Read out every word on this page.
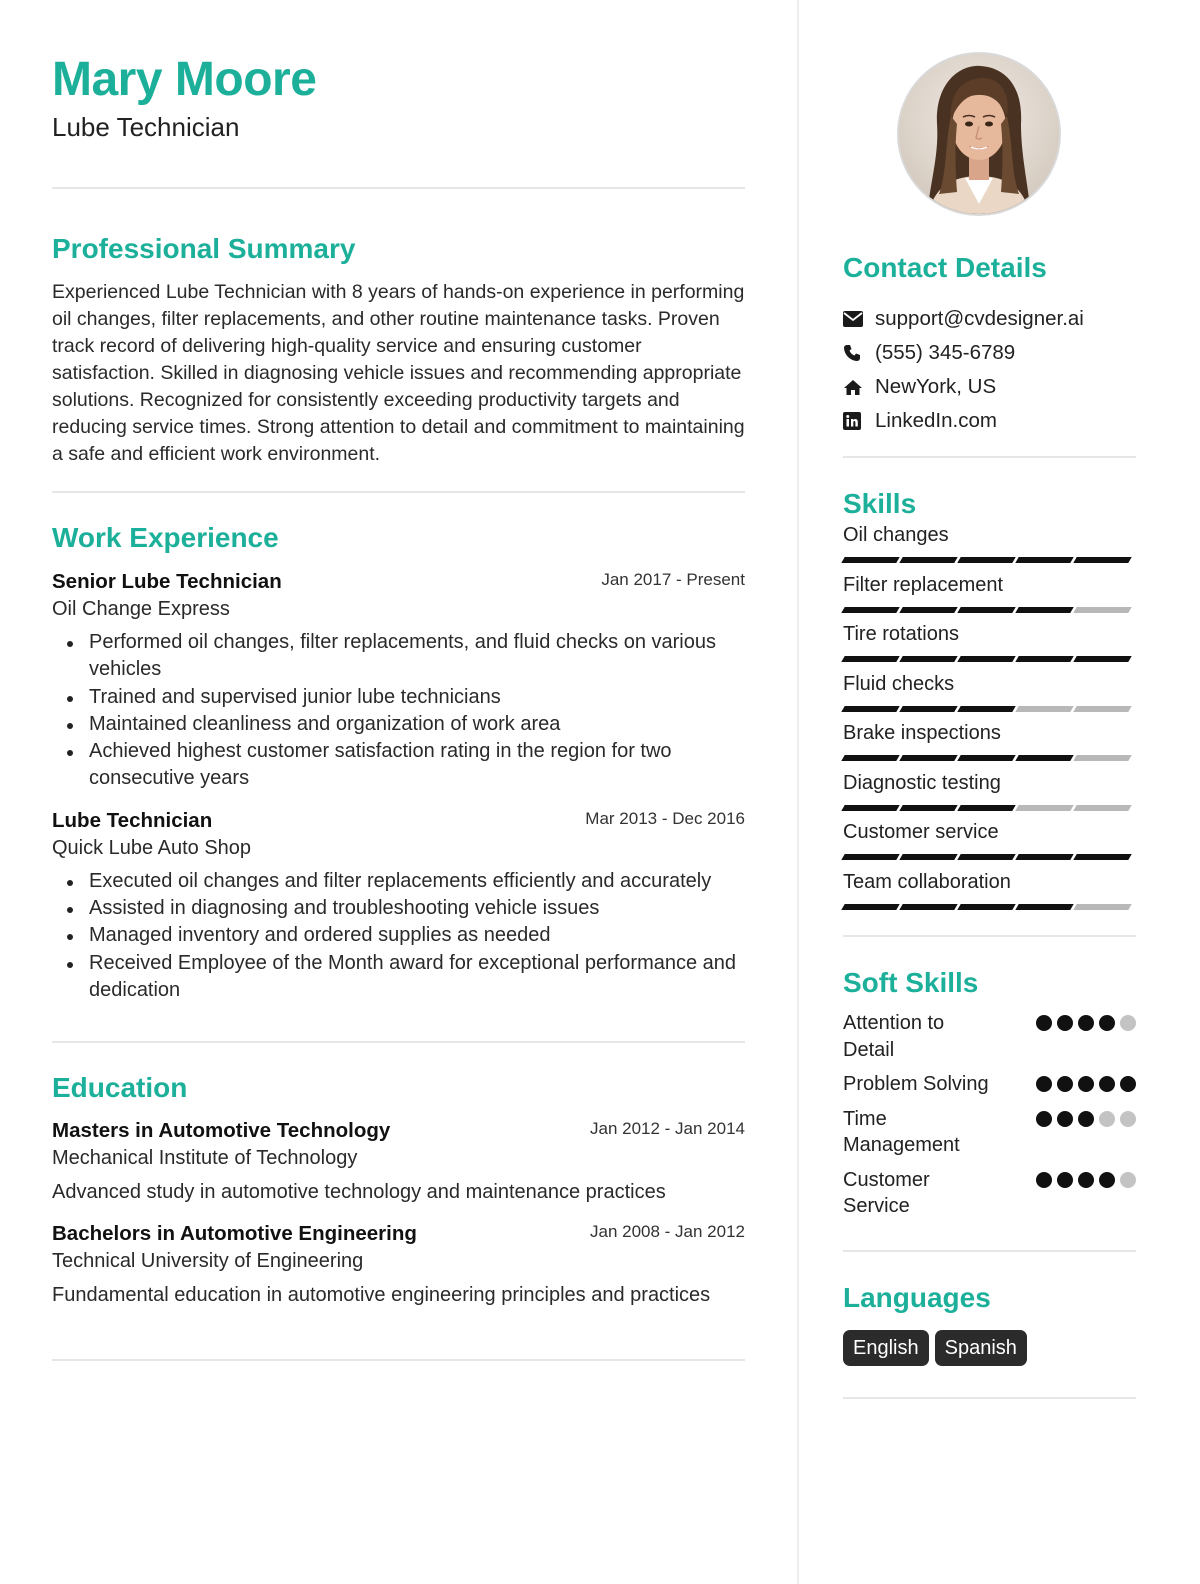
Mary Moore
Lube Technician
Professional Summary

Experienced Lube Technician with 8 years of hands-on experience in performing oil changes, filter replacements, and other routine maintenance tasks. Proven track record of delivering high-quality service and ensuring customer satisfaction. Skilled in diagnosing vehicle issues and recommending appropriate solutions. Recognized for consistently exceeding productivity targets and reducing service times. Strong attention to detail and commitment to maintaining a safe and efficient work environment.

Work Experience
Senior Lube Technician	Jan 2017 - Present
Oil Change Express
Performed oil changes, filter replacements, and fluid checks on various vehicles
Trained and supervised junior lube technicians
Maintained cleanliness and organization of work area
Achieved highest customer satisfaction rating in the region for two consecutive years
Lube Technician	Mar 2013 - Dec 2016
Quick Lube Auto Shop
Executed oil changes and filter replacements efficiently and accurately
Assisted in diagnosing and troubleshooting vehicle issues
Managed inventory and ordered supplies as needed
Received Employee of the Month award for exceptional performance and dedication
Education
Masters in Automotive Technology	Jan 2012 - Jan 2014
Mechanical Institute of Technology
Advanced study in automotive technology and maintenance practices
Bachelors in Automotive Engineering	Jan 2008 - Jan 2012
Technical University of Engineering
Fundamental education in automotive engineering principles and practices
Contact Details
support@cvdesigner.ai
(555) 345-6789
NewYork, US
LinkedIn.com
Skills
Oil changes
Filter replacement
Tire rotations
Fluid checks
Brake inspections
Diagnostic testing
Customer service
Team collaboration
Soft Skills
Attention to Detail
Problem Solving
Time Management
Customer Service
Languages
English	Spanish
